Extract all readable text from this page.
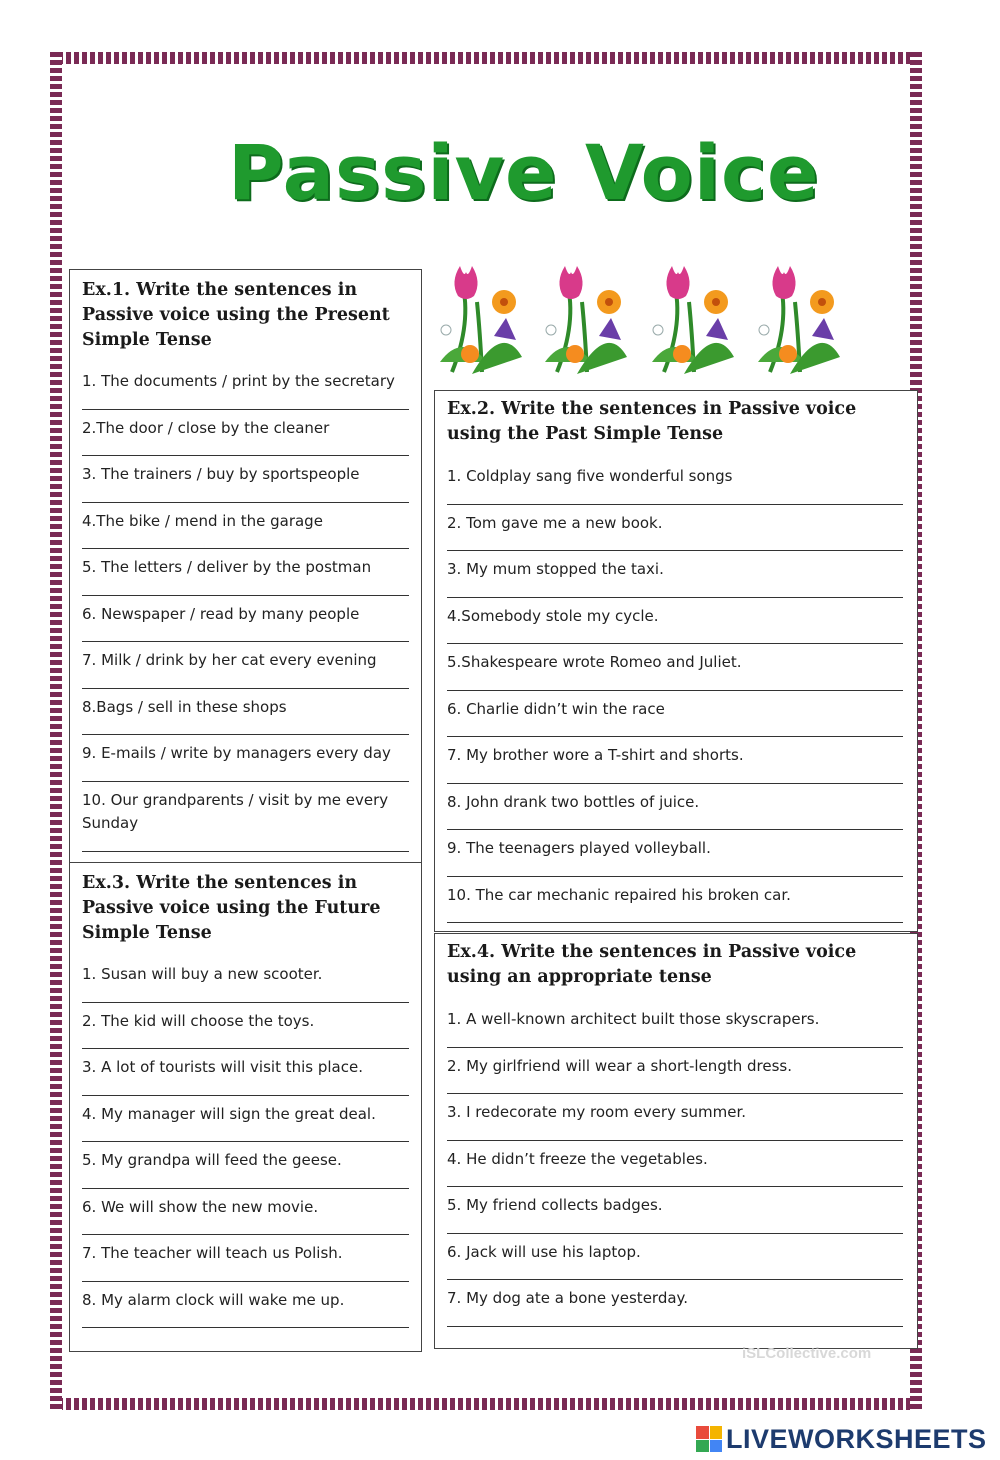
Passive Voice
Ex.1. Write the sentences in Passive voice using the Present Simple Tense
1. The documents / print by the secretary
2.The door / close by the cleaner
3. The trainers / buy by sportspeople
4.The bike / mend in the garage
5. The letters / deliver by the postman
6. Newspaper / read by many people
7. Milk / drink by her cat every evening
8.Bags / sell in these shops
9. E-mails / write by managers every day
10. Our grandparents / visit by me every Sunday
Ex.3. Write the sentences in Passive voice using the Future Simple Tense
1. Susan will buy a new scooter.
2. The kid will choose the toys.
3. A lot of tourists will visit this place.
4. My manager will sign the great deal.
5. My grandpa will feed the geese.
6. We will show the new movie.
7. The teacher will teach us Polish.
8. My alarm clock will wake me up.
Ex.2. Write the sentences in Passive voice using the Past Simple Tense
1. Coldplay sang five wonderful songs
2. Tom gave me a new book.
3. My mum stopped the taxi.
4.Somebody stole my cycle.
5.Shakespeare wrote Romeo and Juliet.
6. Charlie didn’t win the race
7. My brother wore a T-shirt and shorts.
8. John drank two bottles of juice.
9. The teenagers played volleyball.
10. The car mechanic repaired his broken car.
Ex.4. Write the sentences in Passive voice using an appropriate tense
1. A well-known architect built those skyscrapers.
2. My girlfriend will wear a short-length dress.
3. I redecorate my room every summer.
4. He didn’t freeze the vegetables.
5. My friend collects badges.
6. Jack will use his laptop.
7. My dog ate a bone yesterday.
iSLCollective.com
LIVEWORKSHEETS
